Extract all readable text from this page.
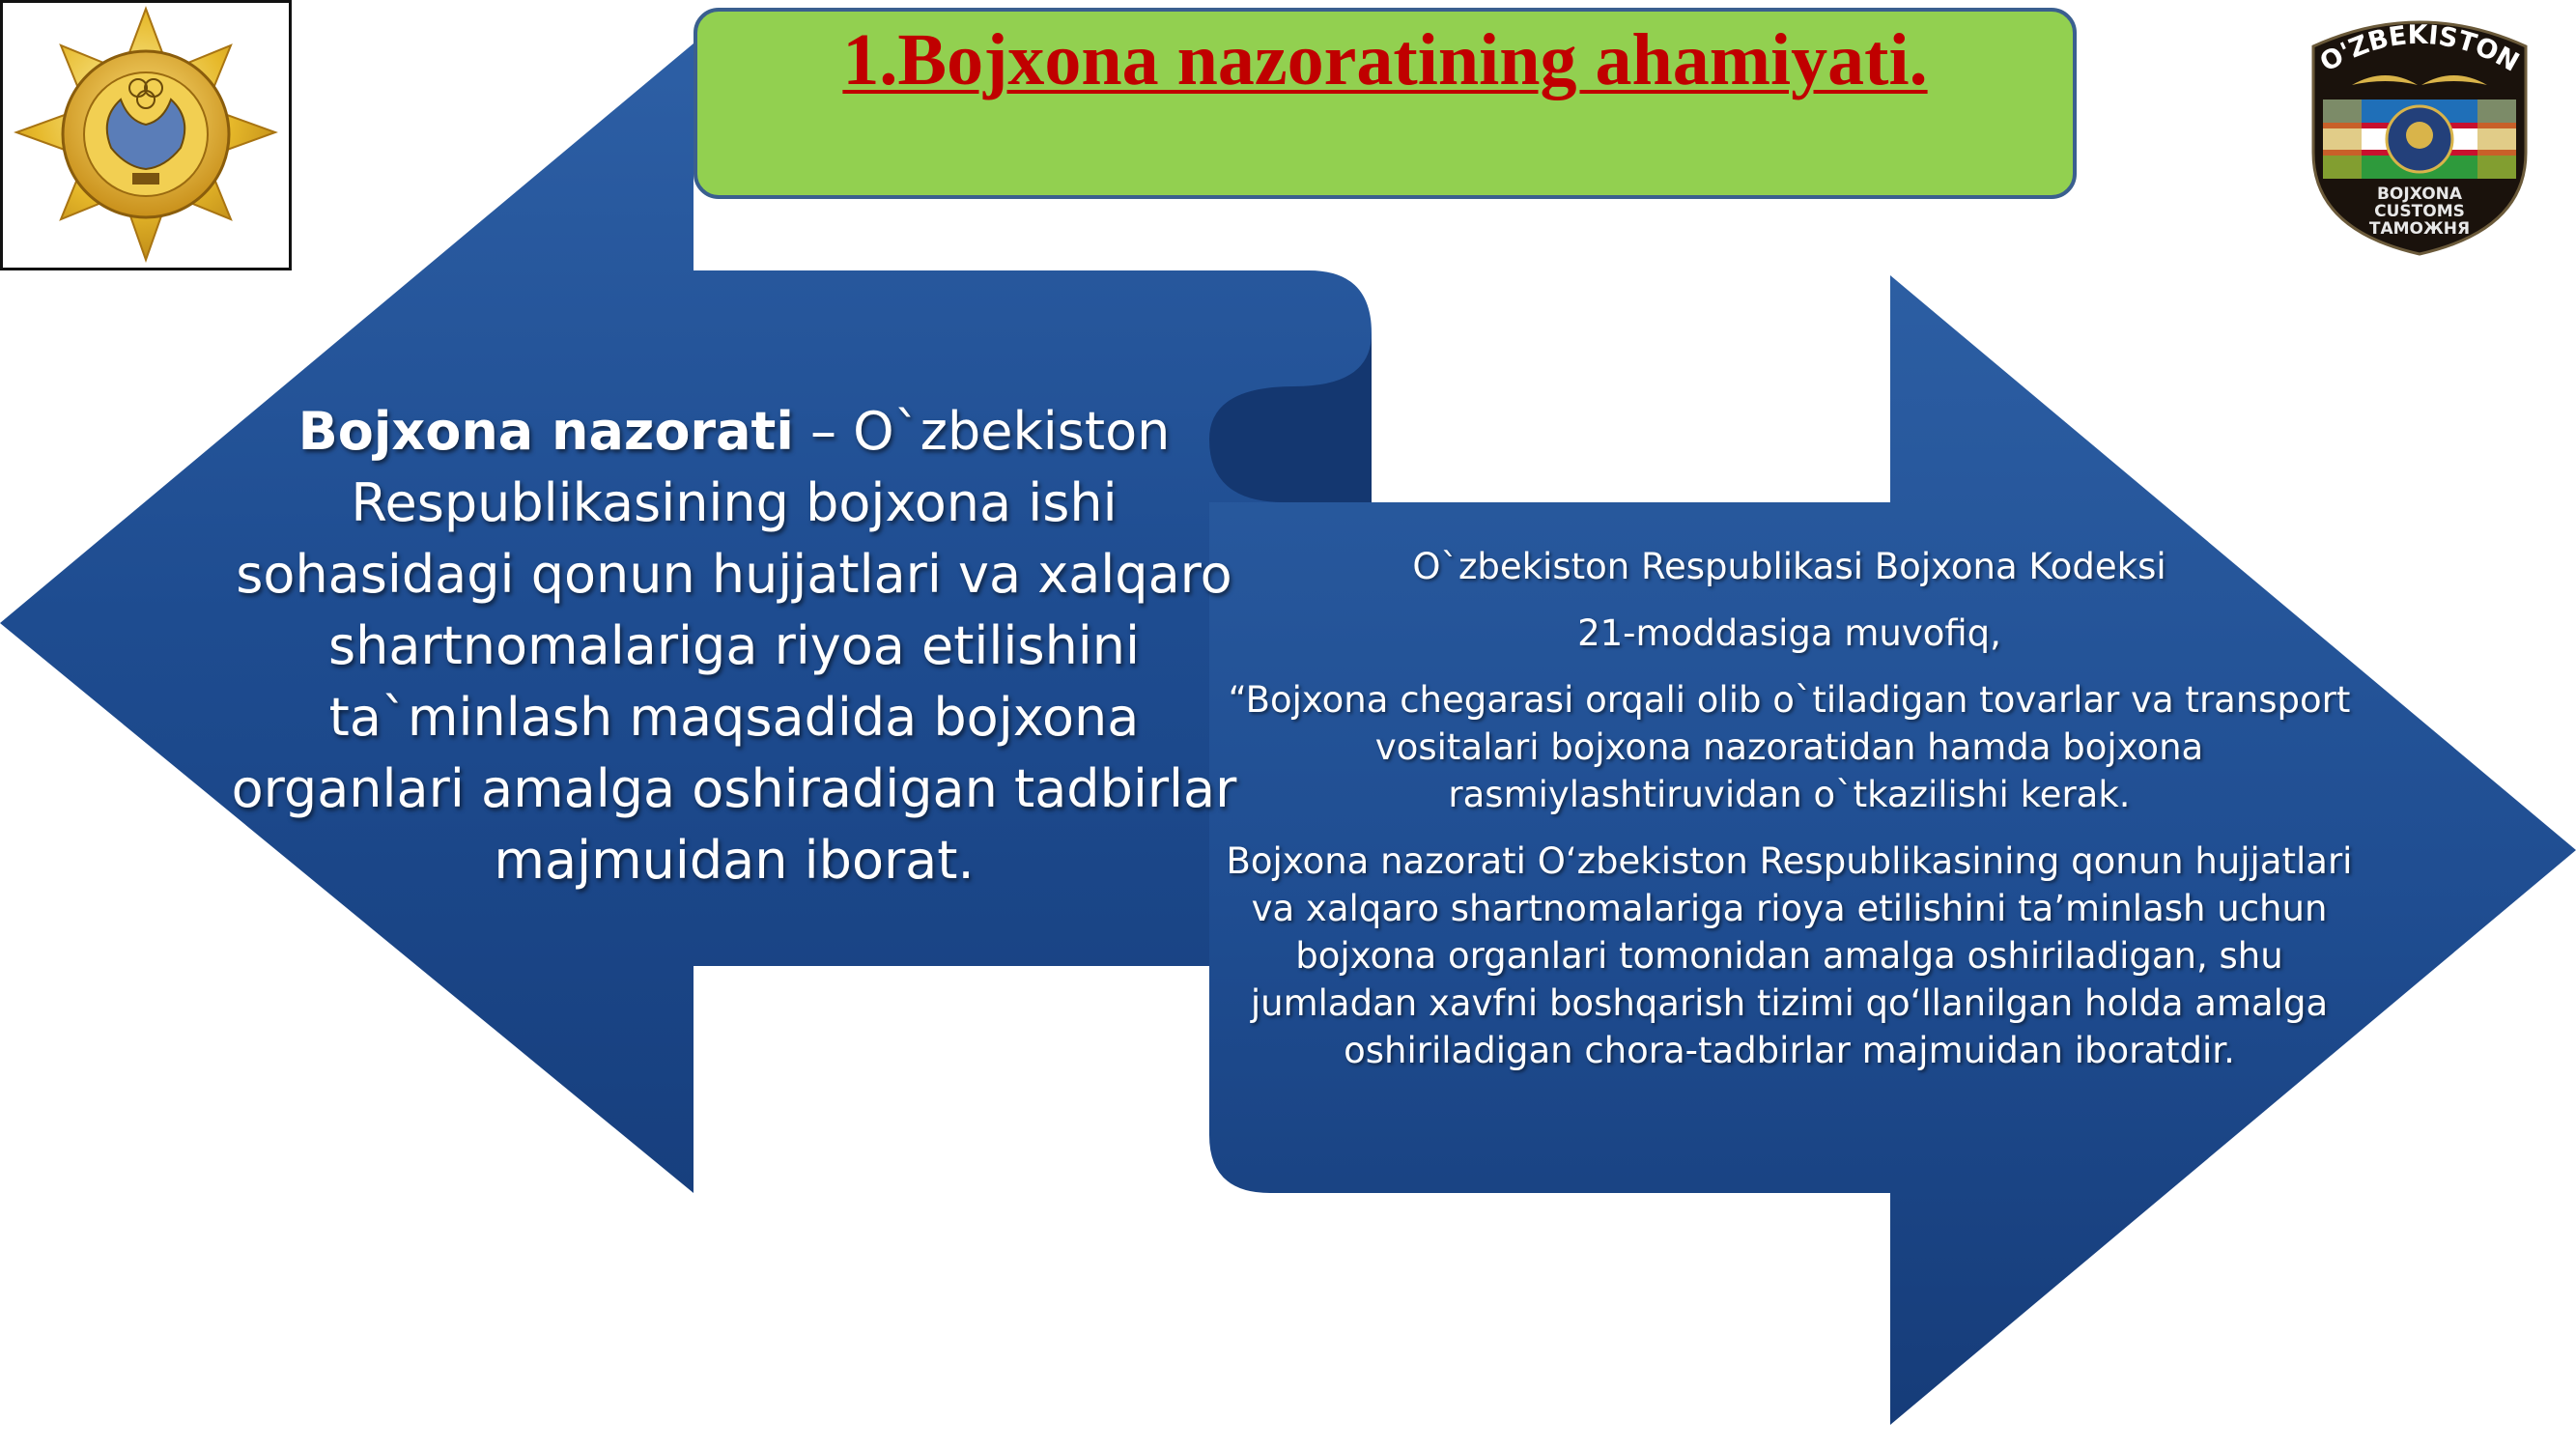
O'ZBEKISTON
BOJXONA
CUSTOMS
ТАМОЖНЯ
1.Bojxona nazoratining ahamiyati.
Bojxona nazorati – O`zbekiston Respublikasining bojxona ishi sohasidagi qonun hujjatlari va xalqaro shartnomalariga riyoa etilishini ta`minlash maqsadida bojxona organlari amalga oshiradigan tadbirlar majmuidan iborat.

O`zbekiston Respublikasi Bojxona Kodeksi

21-moddasiga muvofiq,

“Bojxona chegarasi orqali olib o`tiladigan tovarlar va transport vositalari bojxona nazoratidan hamda bojxona rasmiylashtiruvidan o`tkazilishi kerak.

Bojxona nazorati O‘zbekiston Respublikasining qonun hujjatlari va xalqaro shartnomalariga rioya etilishini ta’minlash uchun bojxona organlari tomonidan amalga oshiriladigan, shu jumladan xavfni boshqarish tizimi qo‘llanilgan holda amalga oshiriladigan chora-tadbirlar majmuidan iboratdir.
